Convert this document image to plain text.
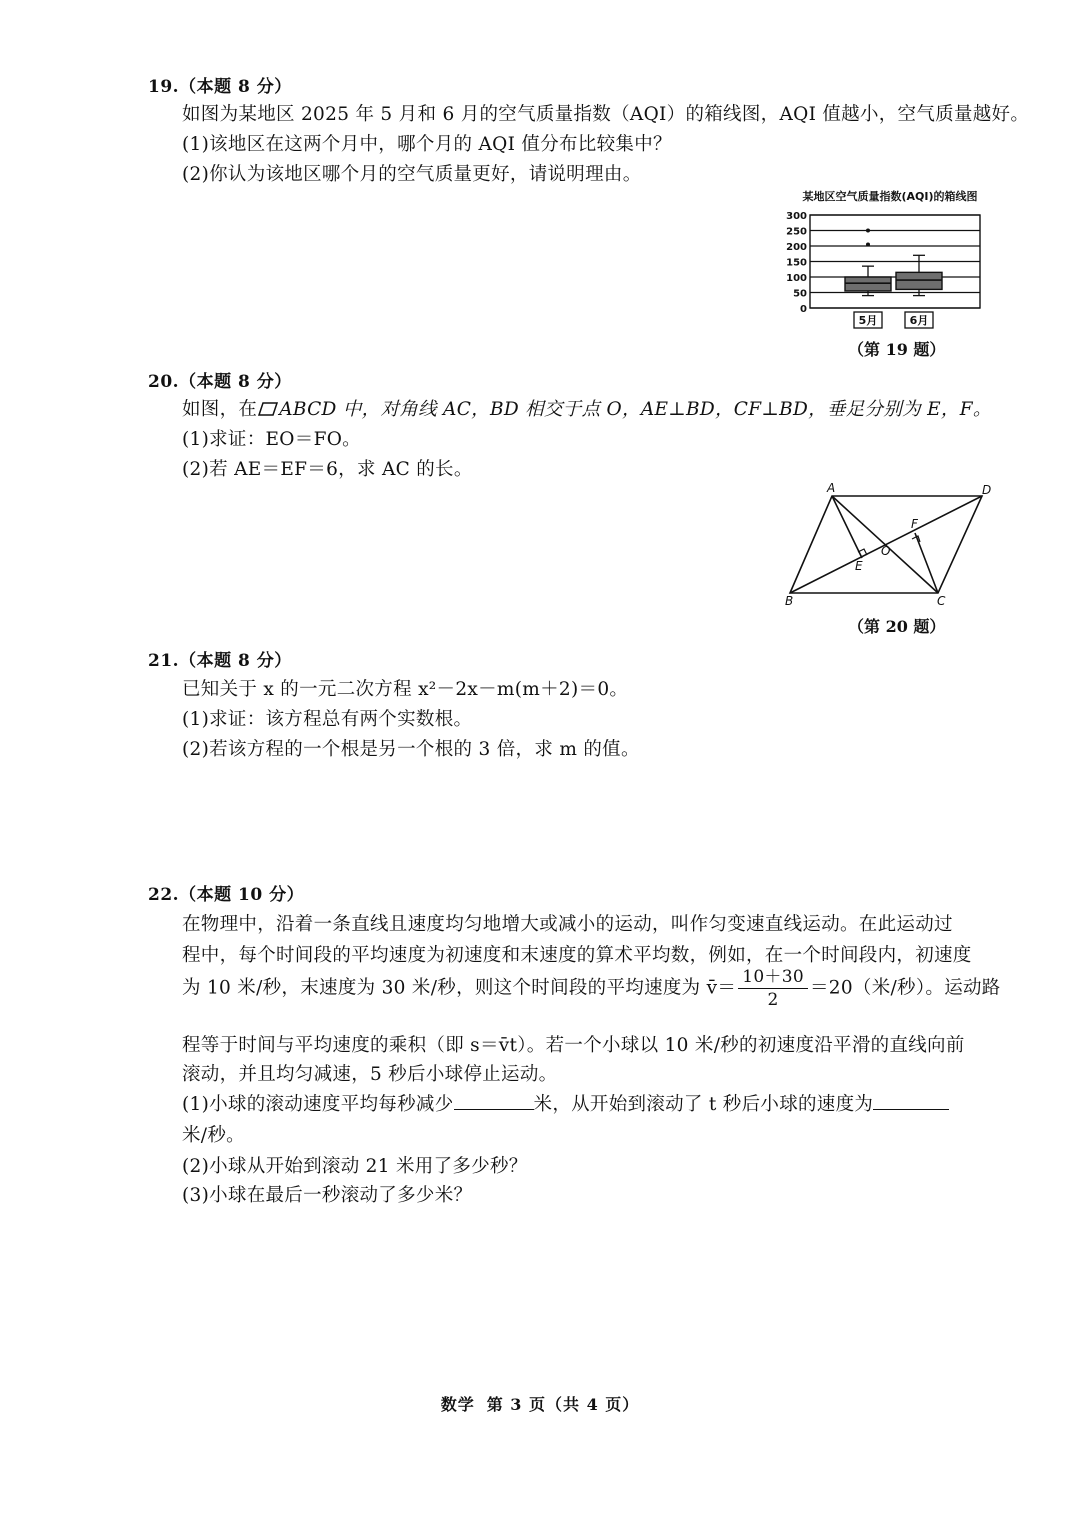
19.（本题 8 分）
如图为某地区 2025 年 5 月和 6 月的空气质量指数（AQI）的箱线图，AQI 值越小，空气质量越好。
(1)该地区在这两个月中，哪个月的 AQI 值分布比较集中？
(2)你认为该地区哪个月的空气质量更好，请说明理由。
某地区空气质量指数(AQI)的箱线图
300
250
200
150
100
50
0
5月	6月
（第 19 题）
20.（本题 8 分）
如图，在 ABCD 中，对角线 AC，BD 相交于点 O，AE⊥BD，CF⊥BD，垂足分别为 E，F。
(1)求证：EO＝FO。
(2)若 AE＝EF＝6，求 AC 的长。
A	D
B	C
E
F
O
（第 20 题）
21.（本题 8 分）
已知关于 x 的一元二次方程 x²－2x－m(m＋2)＝0。
(1)求证：该方程总有两个实数根。
(2)若该方程的一个根是另一个根的 3 倍，求 m 的值。
22.（本题 10 分）
在物理中，沿着一条直线且速度均匀地增大或减小的运动，叫作匀变速直线运动。在此运动过
程中，每个时间段的平均速度为初速度和末速度的算术平均数，例如，在一个时间段内，初速度
为 10 米/秒，末速度为 30 米/秒，则这个时间段的平均速度为 v̄＝ $\frac{10+30}{2} =20$（米/秒）。运动路
程等于时间与平均速度的乘积（即 s＝v̄t）。若一个小球以 10 米/秒的初速度沿平滑的直线向前
滚动，并且均匀减速，5 秒后小球停止运动。
(1)小球的滚动速度平均每秒减少	米，从开始到滚动了 t 秒后小球的速度为
米/秒。
(2)小球从开始到滚动 21 米用了多少秒？
(3)小球在最后一秒滚动了多少米？
数学 第 3 页（共 4 页）
